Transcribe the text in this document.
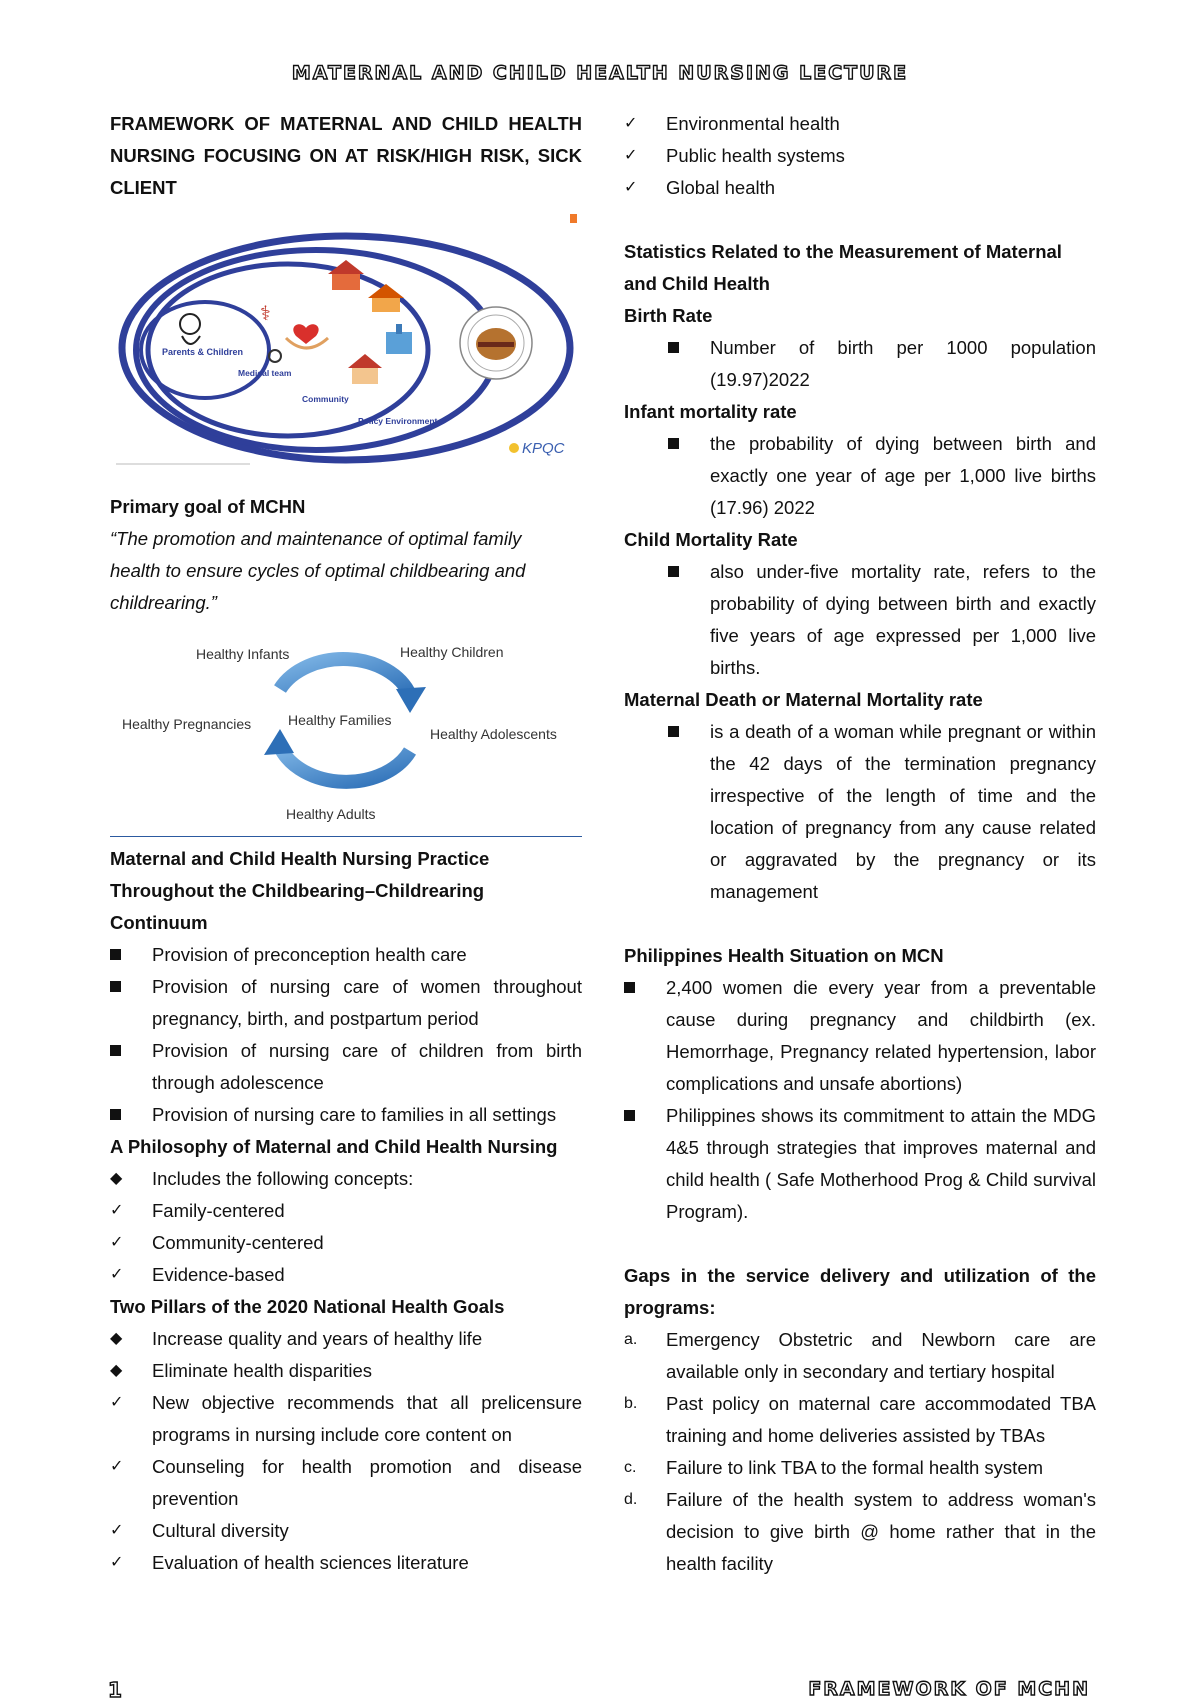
MATERNAL AND CHILD HEALTH NURSING LECTURE

FRAMEWORK OF MATERNAL AND CHILD HEALTH NURSING FOCUSING ON AT RISK/HIGH RISK, SICK CLIENT

Parents & Children
⚕
Medical team
Community
Policy Environment
KPQC

Primary goal of MCHN

“The promotion and maintenance of optimal family health to ensure cycles of optimal childbearing and childrearing.”

Healthy Infants	Healthy Children
Healthy Adolescents
Healthy Adults
Healthy Pregnancies	Healthy Families

Maternal and Child Health Nursing Practice

Throughout the Childbearing–Childrearing Continuum

Provision of preconception health care
Provision of nursing care of women throughout pregnancy, birth, and postpartum period
Provision of nursing care of children from birth through adolescence
Provision of nursing care to families in all settings

A Philosophy of Maternal and Child Health Nursing

◆	Includes the following concepts:
✓	Family-centered
✓	Community-centered
✓	Evidence-based

Two Pillars of the 2020 National Health Goals

◆	Increase quality and years of healthy life
◆	Eliminate health disparities
✓	New objective recommends that all prelicensure programs in nursing include core content on
✓	Counseling for health promotion and disease prevention
✓	Cultural diversity
✓	Evaluation of health sciences literature
✓	Environmental health
✓	Public health systems
✓	Global health

Statistics Related to the Measurement of Maternal and Child Health

Birth Rate

Number of birth per 1000 population (19.97)2022

Infant mortality rate

the probability of dying between birth and exactly one year of age per 1,000 live births (17.96) 2022

Child Mortality Rate

also under-five mortality rate, refers to the probability of dying between birth and exactly five years of age expressed per 1,000 live births.

Maternal Death or Maternal Mortality rate

is a death of a woman while pregnant or within the 42 days of the termination pregnancy irrespective of the length of time and the location of pregnancy from any cause related or aggravated by the pregnancy or its management

Philippines Health Situation on MCN

2,400 women die every year from a preventable cause during pregnancy and childbirth (ex. Hemorrhage, Pregnancy related hypertension, labor complications and unsafe abortions)
Philippines shows its commitment to attain the MDG 4&5 through strategies that improves maternal and child health ( Safe Motherhood Prog & Child survival Program).

Gaps in the service delivery and utilization of the programs:

a.	Emergency Obstetric and Newborn care are available only in secondary and tertiary hospital
b.	Past policy on maternal care accommodated TBA training and home deliveries assisted by TBAs
c.	Failure to link TBA to the formal health system
d.	Failure of the health system to address woman's decision to give birth @ home rather that in the health facility
1	FRAMEWORK OF MCHN
